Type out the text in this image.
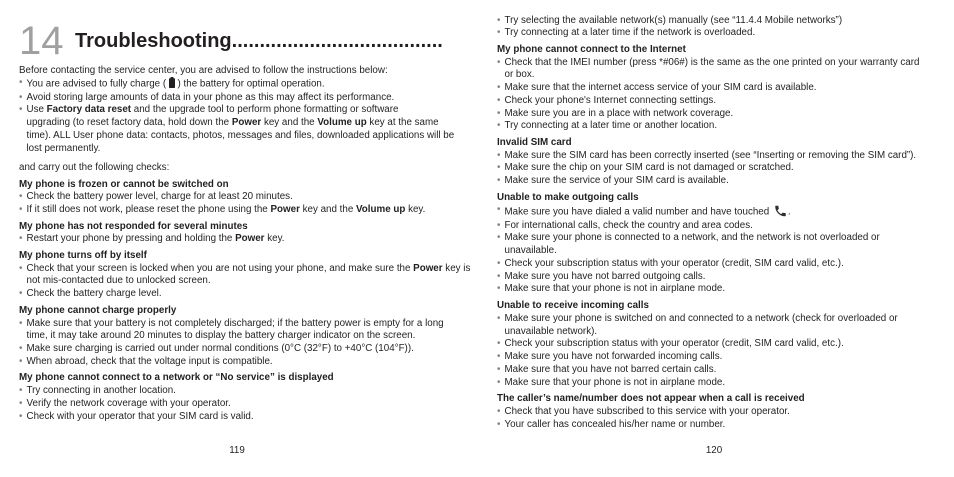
14 Troubleshooting......................................
Before contacting the service center, you are advised to follow the instructions below:
• You are advised to fully charge (
) the battery for optimal operation.
• Avoid storing large amounts of data in your phone as this may affect its performance.
• Use Factory data reset and the upgrade tool to perform phone formatting or software
upgrading (to reset factory data, hold down the Power key and the Volume up key at the same
time). ALL User phone data: contacts, photos, messages and files, downloaded applications will be
lost permanently.
and carry out the following checks:
My phone is frozen or cannot be switched on
• Check the battery power level, charge for at least 20 minutes.
• If it still does not work, please reset the phone using the Power key and the Volume up key.
My phone has not responded for several minutes
• Restart your phone by pressing and holding the Power key.
My phone turns off by itself
• Check that your screen is locked when you are not using your phone, and make sure the Power key is
not mis-contacted due to unlocked screen.
• Check the battery charge level.
My phone cannot charge properly
• Make sure that your battery is not completely discharged; if the battery power is empty for a long
time, it may take around 20 minutes to display the battery charger indicator on the screen.
• Make sure charging is carried out under normal conditions (0°C (32°F) to +40°C (104°F)).
• When abroad, check that the voltage input is compatible.
My phone cannot connect to a network or “No service” is displayed
• Try connecting in another location.
• Verify the network coverage with your operator.
• Check with your operator that your SIM card is valid.
119
• Try selecting the available network(s) manually (see “11.4.4 Mobile networks”)
• Try connecting at a later time if the network is overloaded.
My phone cannot connect to the Internet
• Check that the IMEI number (press *#06#) is the same as the one printed on your warranty card
or box.
• Make sure that the internet access service of your SIM card is available.
• Check your phone's Internet connecting settings.
• Make sure you are in a place with network coverage.
• Try connecting at a later time or another location.
Invalid SIM card
• Make sure the SIM card has been correctly inserted (see “Inserting or removing the SIM card”).
• Make sure the chip on your SIM card is not damaged or scratched.
• Make sure the service of your SIM card is available.
Unable to make outgoing calls
• Make sure you have dialed a valid number and have touched
.
• For international calls, check the country and area codes.
• Make sure your phone is connected to a network, and the network is not overloaded or
unavailable.
• Check your subscription status with your operator (credit, SIM card valid, etc.).
• Make sure you have not barred outgoing calls.
• Make sure that your phone is not in airplane mode.
Unable to receive incoming calls
• Make sure your phone is switched on and connected to a network (check for overloaded or
unavailable network).
• Check your subscription status with your operator (credit, SIM card valid, etc.).
• Make sure you have not forwarded incoming calls.
• Make sure that you have not barred certain calls.
• Make sure that your phone is not in airplane mode.
The caller’s name/number does not appear when a call is received
• Check that you have subscribed to this service with your operator.
• Your caller has concealed his/her name or number.
120
